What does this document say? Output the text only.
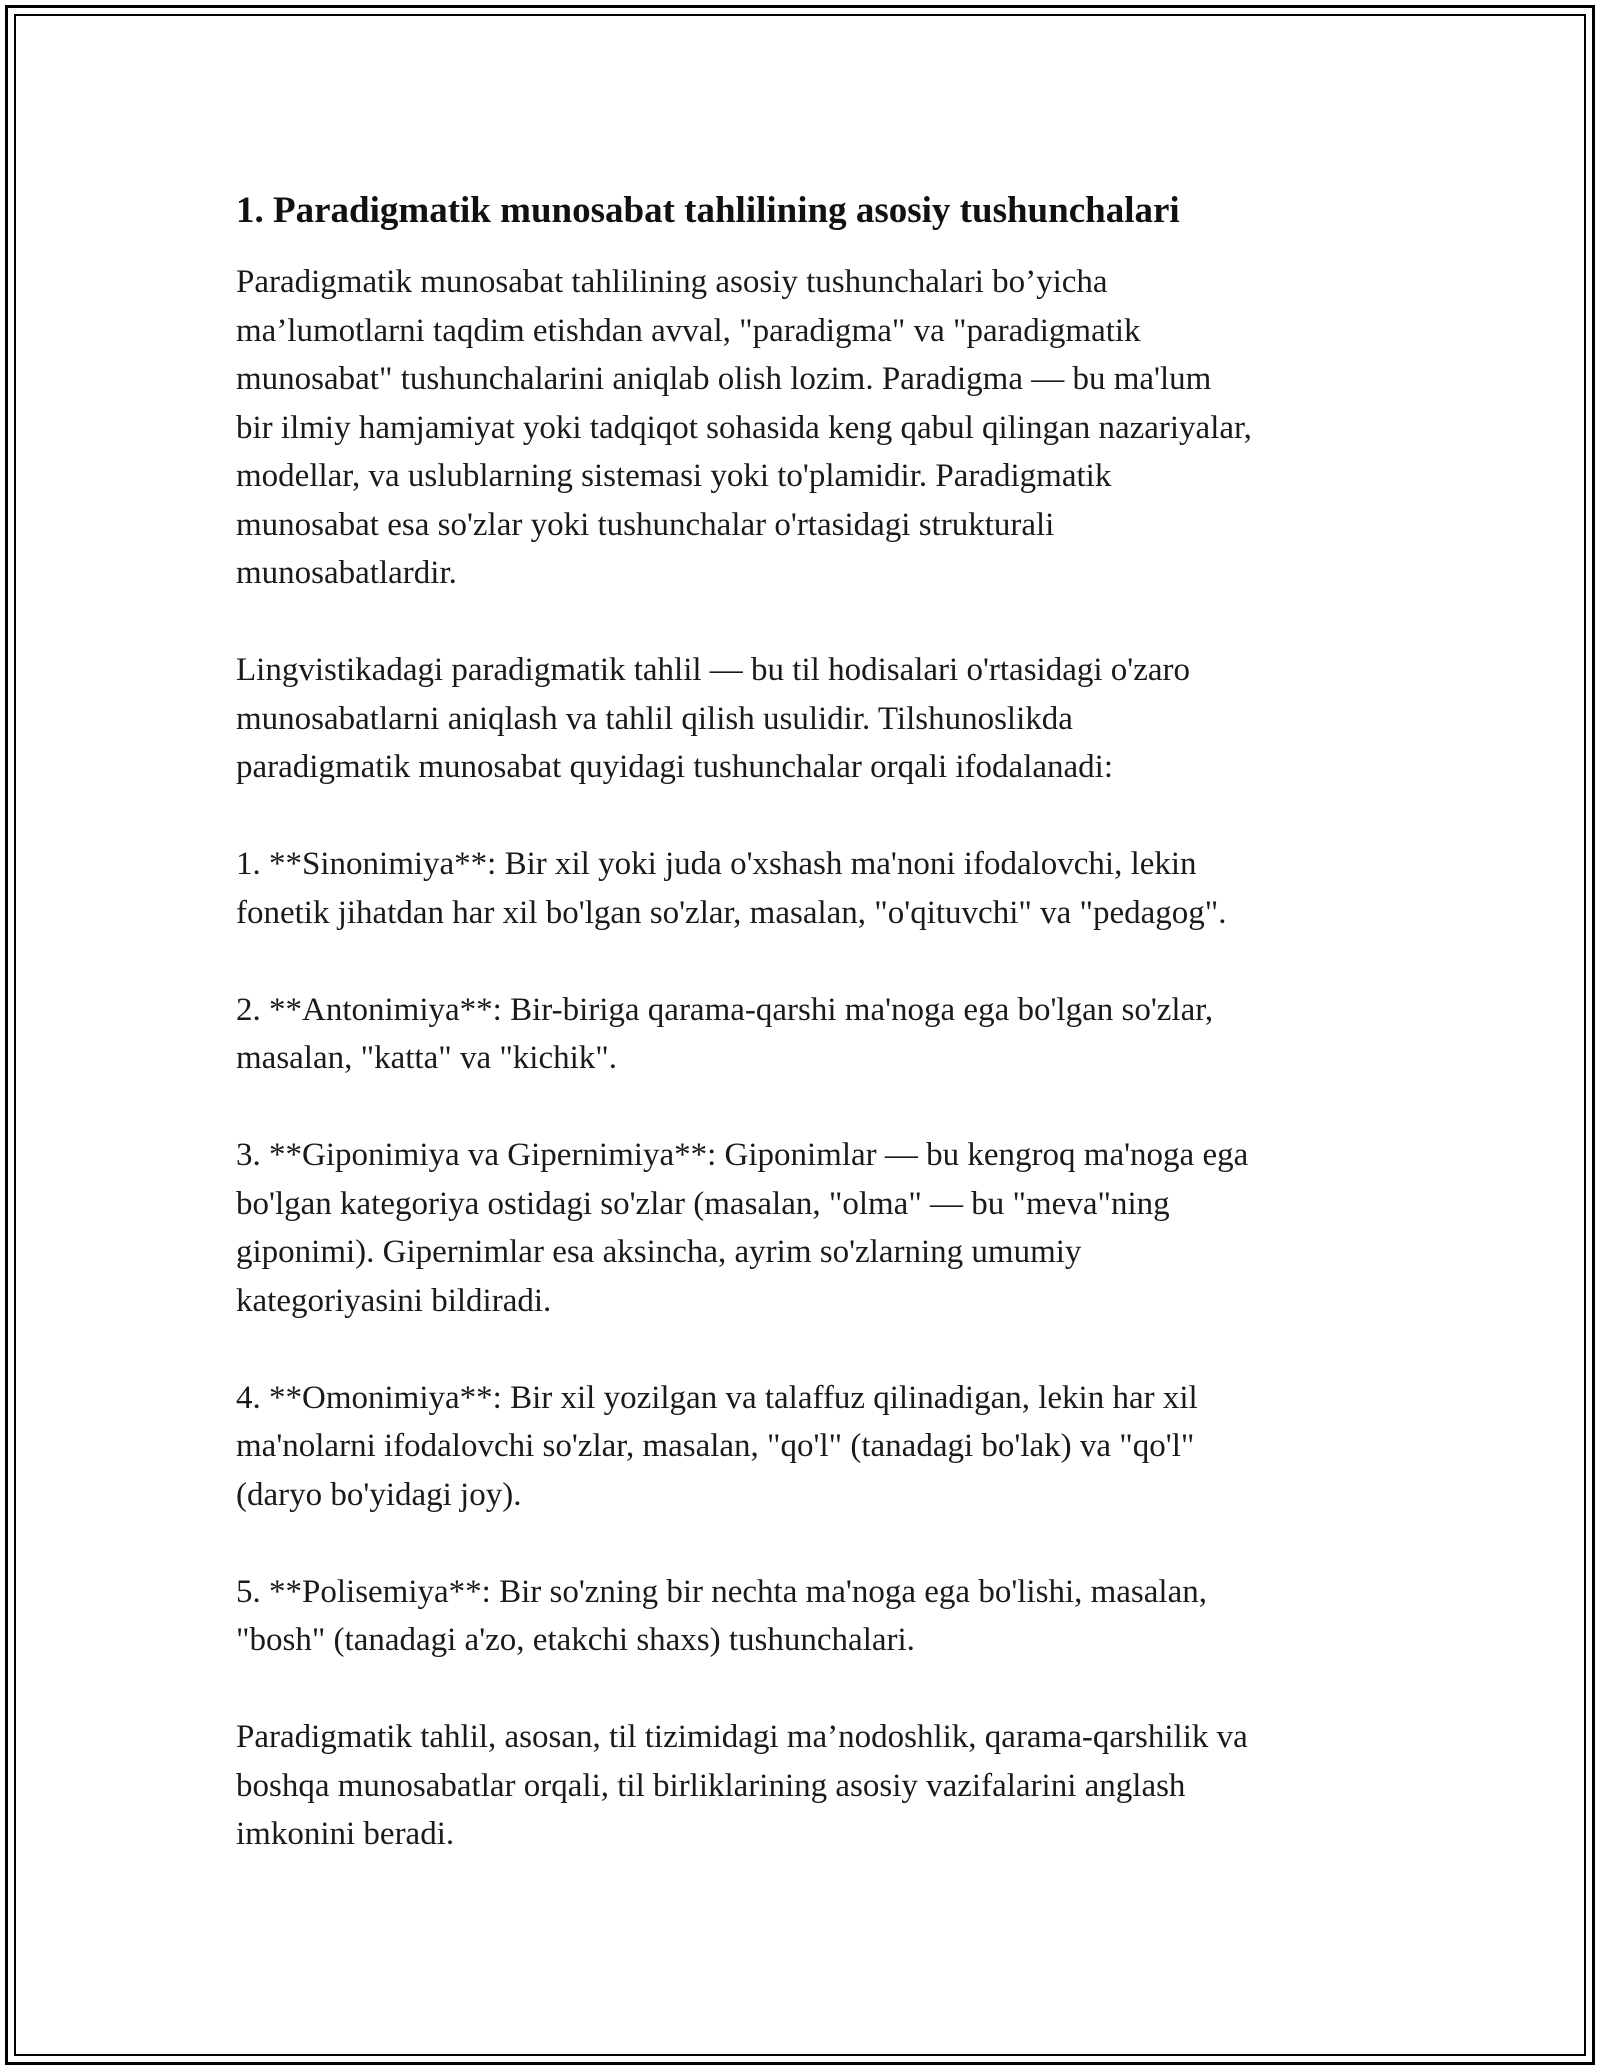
1. Paradigmatik munosabat tahlilining asosiy tushunchalari

Paradigmatik munosabat tahlilining asosiy tushunchalari bo’yicha
ma’lumotlarni taqdim etishdan avval, "paradigma" va "paradigmatik
munosabat" tushunchalarini aniqlab olish lozim. Paradigma — bu ma'lum
bir ilmiy hamjamiyat yoki tadqiqot sohasida keng qabul qilingan nazariyalar,
modellar, va uslublarning sistemasi yoki to'plamidir. Paradigmatik
munosabat esa so'zlar yoki tushunchalar o'rtasidagi strukturali
munosabatlardir.

Lingvistikadagi paradigmatik tahlil — bu til hodisalari o'rtasidagi o'zaro
munosabatlarni aniqlash va tahlil qilish usulidir. Tilshunoslikda
paradigmatik munosabat quyidagi tushunchalar orqali ifodalanadi:

1. **Sinonimiya**: Bir xil yoki juda o'xshash ma'noni ifodalovchi, lekin
fonetik jihatdan har xil bo'lgan so'zlar, masalan, "o'qituvchi" va "pedagog".

2. **Antonimiya**: Bir-biriga qarama-qarshi ma'noga ega bo'lgan so'zlar,
masalan, "katta" va "kichik".

3. **Giponimiya va Gipernimiya**: Giponimlar — bu kengroq ma'noga ega
bo'lgan kategoriya ostidagi so'zlar (masalan, "olma" — bu "meva"ning
giponimi). Gipernimlar esa aksincha, ayrim so'zlarning umumiy
kategoriyasini bildiradi.

4. **Omonimiya**: Bir xil yozilgan va talaffuz qilinadigan, lekin har xil
ma'nolarni ifodalovchi so'zlar, masalan, "qo'l" (tanadagi bo'lak) va "qo'l"
(daryo bo'yidagi joy).

5. **Polisemiya**: Bir so'zning bir nechta ma'noga ega bo'lishi, masalan,
"bosh" (tanadagi a'zo, etakchi shaxs) tushunchalari.

Paradigmatik tahlil, asosan, til tizimidagi ma’nodoshlik, qarama-qarshilik va
boshqa munosabatlar orqali, til birliklarining asosiy vazifalarini anglash
imkonini beradi.
